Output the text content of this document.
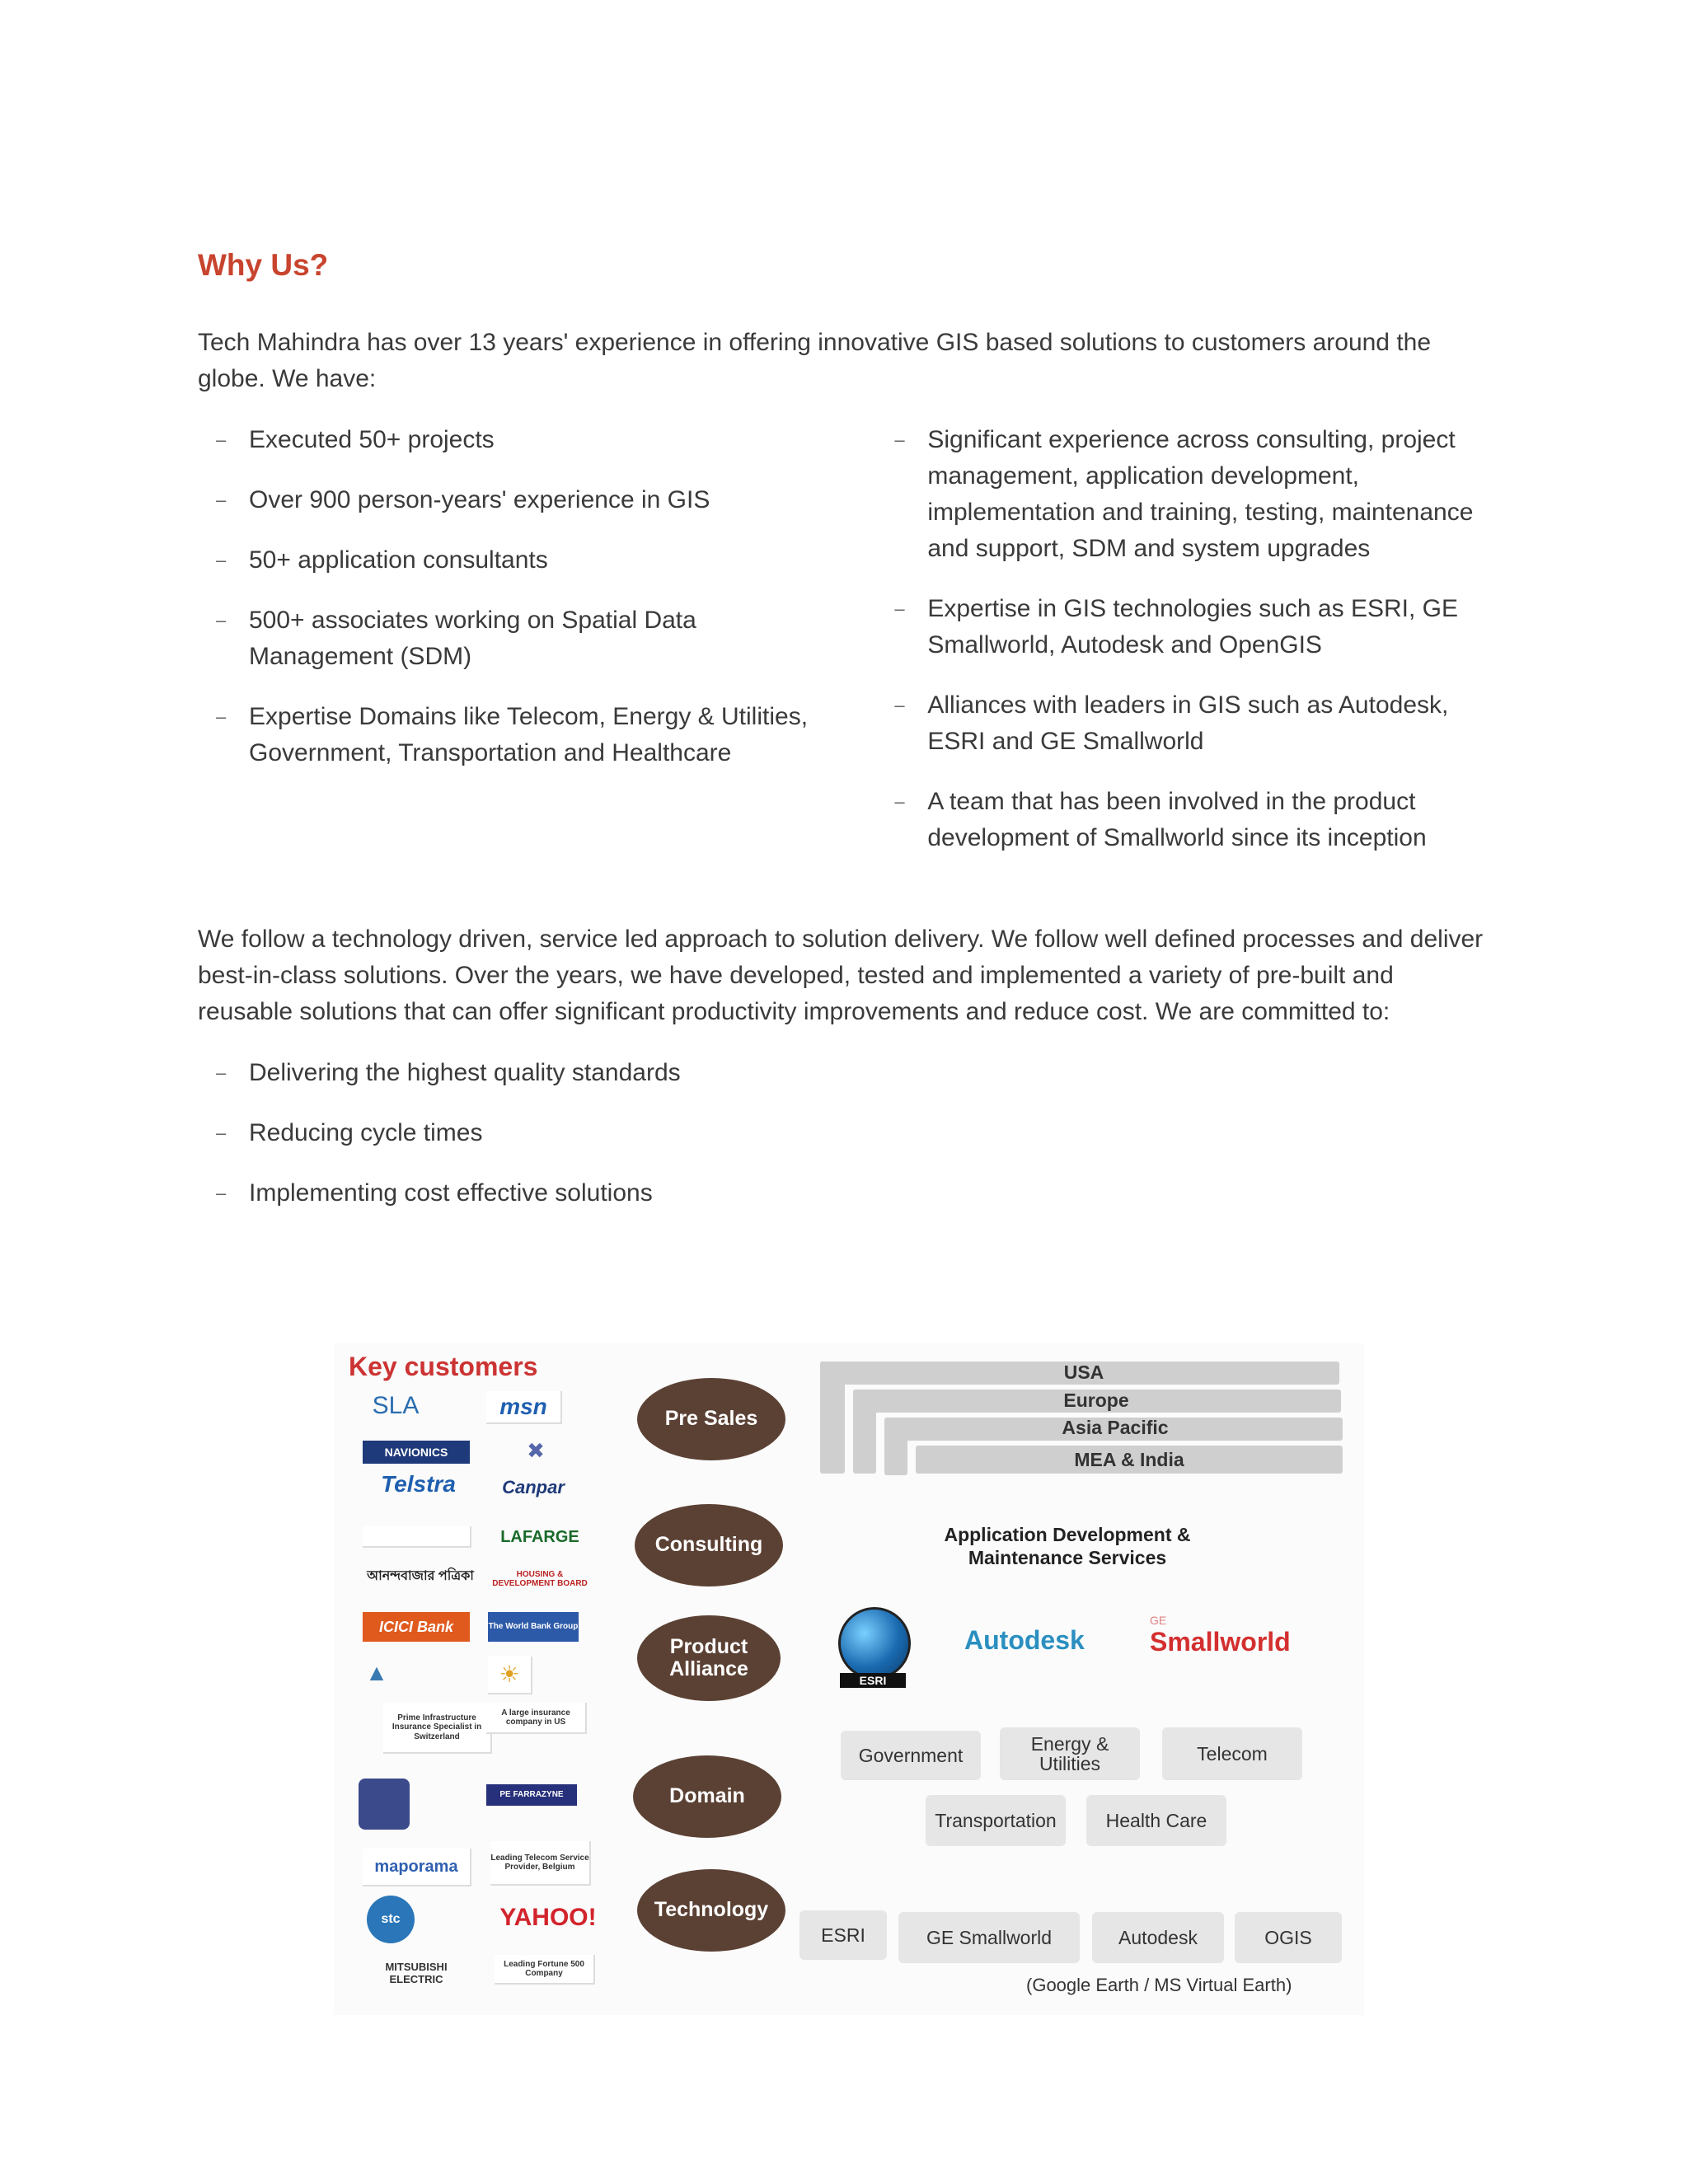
Why Us?

Tech Mahindra has over 13 years' experience in offering innovative GIS based solutions to customers around the globe. We have:

– Executed 50+ projects
– Over 900 person-years' experience in GIS
– 50+ application consultants
– 500+ associates working on Spatial Data Management (SDM)
– Expertise Domains like Telecom, Energy & Utilities, Government, Transportation and Healthcare
– Significant experience across consulting, project management, application development, implementation and training, testing, maintenance and support, SDM and system upgrades
– Expertise in GIS technologies such as ESRI, GE Smallworld, Autodesk and OpenGIS
– Alliances with leaders in GIS such as Autodesk, ESRI and GE Smallworld
– A team that has been involved in the product development of Smallworld since its inception

We follow a technology driven, service led approach to solution delivery. We follow well defined processes and deliver best-in-class solutions. Over the years, we have developed, tested and implemented a variety of pre-built and reusable solutions that can offer significant productivity improvements and reduce cost. We are committed to:

– Delivering the highest quality standards
– Reducing cycle times
– Implementing cost effective solutions
Key customers
SLA	msn
NAVIONICS	✖
Telstra	Canpar
LAFARGE
আনন্দবাজার পত্রিকা	HOUSING & DEVELOPMENT BOARD
ICICI Bank	The World Bank Group
▲	☀
Prime Infrastructure Insurance Specialist in Switzerland
A large insurance company in US
PE FARRAZYNE
maporama	Leading Telecom Service Provider, Belgium
stc	YAHOO!
MITSUBISHI ELECTRIC
Leading Fortune 500 Company
Pre Sales
Consulting
Product Alliance
Domain
Technology
USA
Europe
Asia Pacific
MEA & India
Application Development & Maintenance Services
ESRI
Autodesk
GE
Smallworld
Government
Energy & Utilities	Telecom
Transportation	Health Care
ESRI	GE Smallworld	Autodesk	OGIS
(Google Earth / MS Virtual Earth)
